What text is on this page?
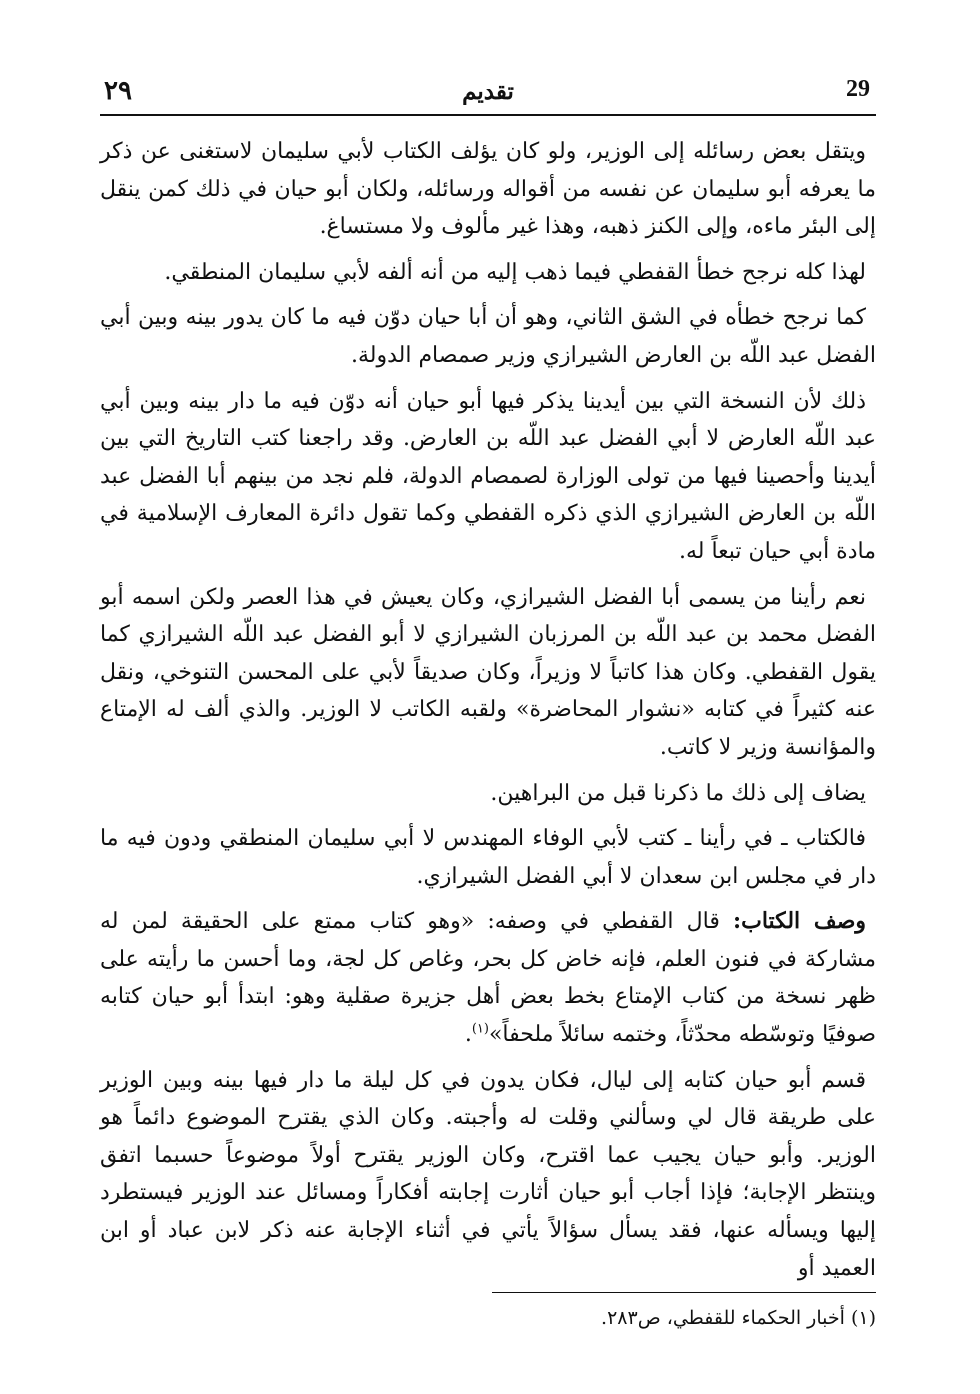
٢٩	تقديم	29

ويتقل بعض رسائله إلى الوزير، ولو كان يؤلف الكتاب لأبي سليمان لاستغنى عن ذكر ما يعرفه أبو سليمان عن نفسه من أقواله ورسائله، ولكان أبو حيان في ذلك كمن ينقل إلى البئر ماءه، وإلى الكنز ذهبه، وهذا غير مألوف ولا مستساغ.

لهذا كله نرجح خطأ القفطي فيما ذهب إليه من أنه ألفه لأبي سليمان المنطقي.

كما نرجح خطأه في الشق الثاني، وهو أن أبا حيان دوّن فيه ما كان يدور بينه وبين أبي الفضل عبد اللّه بن العارض الشيرازي وزير صمصام الدولة.

ذلك لأن النسخة التي بين أيدينا يذكر فيها أبو حيان أنه دوّن فيه ما دار بينه وبين أبي عبد اللّه العارض لا أبي الفضل عبد اللّه بن العارض. وقد راجعنا كتب التاريخ التي بين أيدينا وأحصينا فيها من تولى الوزارة لصمصام الدولة، فلم نجد من بينهم أبا الفضل عبد اللّه بن العارض الشيرازي الذي ذكره القفطي وكما تقول دائرة المعارف الإسلامية في مادة أبي حيان تبعاً له.

نعم رأينا من يسمى أبا الفضل الشيرازي، وكان يعيش في هذا العصر ولكن اسمه أبو الفضل محمد بن عبد اللّه بن المرزبان الشيرازي لا أبو الفضل عبد اللّه الشيرازي كما يقول القفطي. وكان هذا كاتباً لا وزيراً، وكان صديقاً لأبي على المحسن التنوخي، ونقل عنه كثيراً في كتابه «نشوار المحاضرة» ولقبه الكاتب لا الوزير. والذي ألف له الإمتاع والمؤانسة وزير لا كاتب.

يضاف إلى ذلك ما ذكرنا قبل من البراهين.

فالكتاب ـ في رأينا ـ كتب لأبي الوفاء المهندس لا أبي سليمان المنطقي ودون فيه ما دار في مجلس ابن سعدان لا أبي الفضل الشيرازي.

وصف الكتاب: قال القفطي في وصفه: «وهو كتاب ممتع على الحقيقة لمن له مشاركة في فنون العلم، فإنه خاض كل بحر، وغاص كل لجة، وما أحسن ما رأيته على ظهر نسخة من كتاب الإمتاع بخط بعض أهل جزيرة صقلية وهو: ابتدأ أبو حيان كتابه صوفيًا وتوسّطه محدّثاً، وختمه سائلاً ملحفاً»$^{(١)}$.

قسم أبو حيان كتابه إلى ليال، فكان يدون في كل ليلة ما دار فيها بينه وبين الوزير على طريقة قال لي وسألني وقلت له وأجبته. وكان الذي يقترح الموضوع دائماً هو الوزير. وأبو حيان يجيب عما اقترح، وكان الوزير يقترح أولاً موضوعاً حسبما اتفق وينتظر الإجابة؛ فإذا أجاب أبو حيان أثارت إجابته أفكاراً ومسائل عند الوزير فيستطرد إليها ويسأله عنها، فقد يسأل سؤالاً يأتي في أثناء الإجابة عنه ذكر لابن عباد أو ابن العميد أو

(١) أخبار الحكماء للقفطي، ص٢٨٣.
